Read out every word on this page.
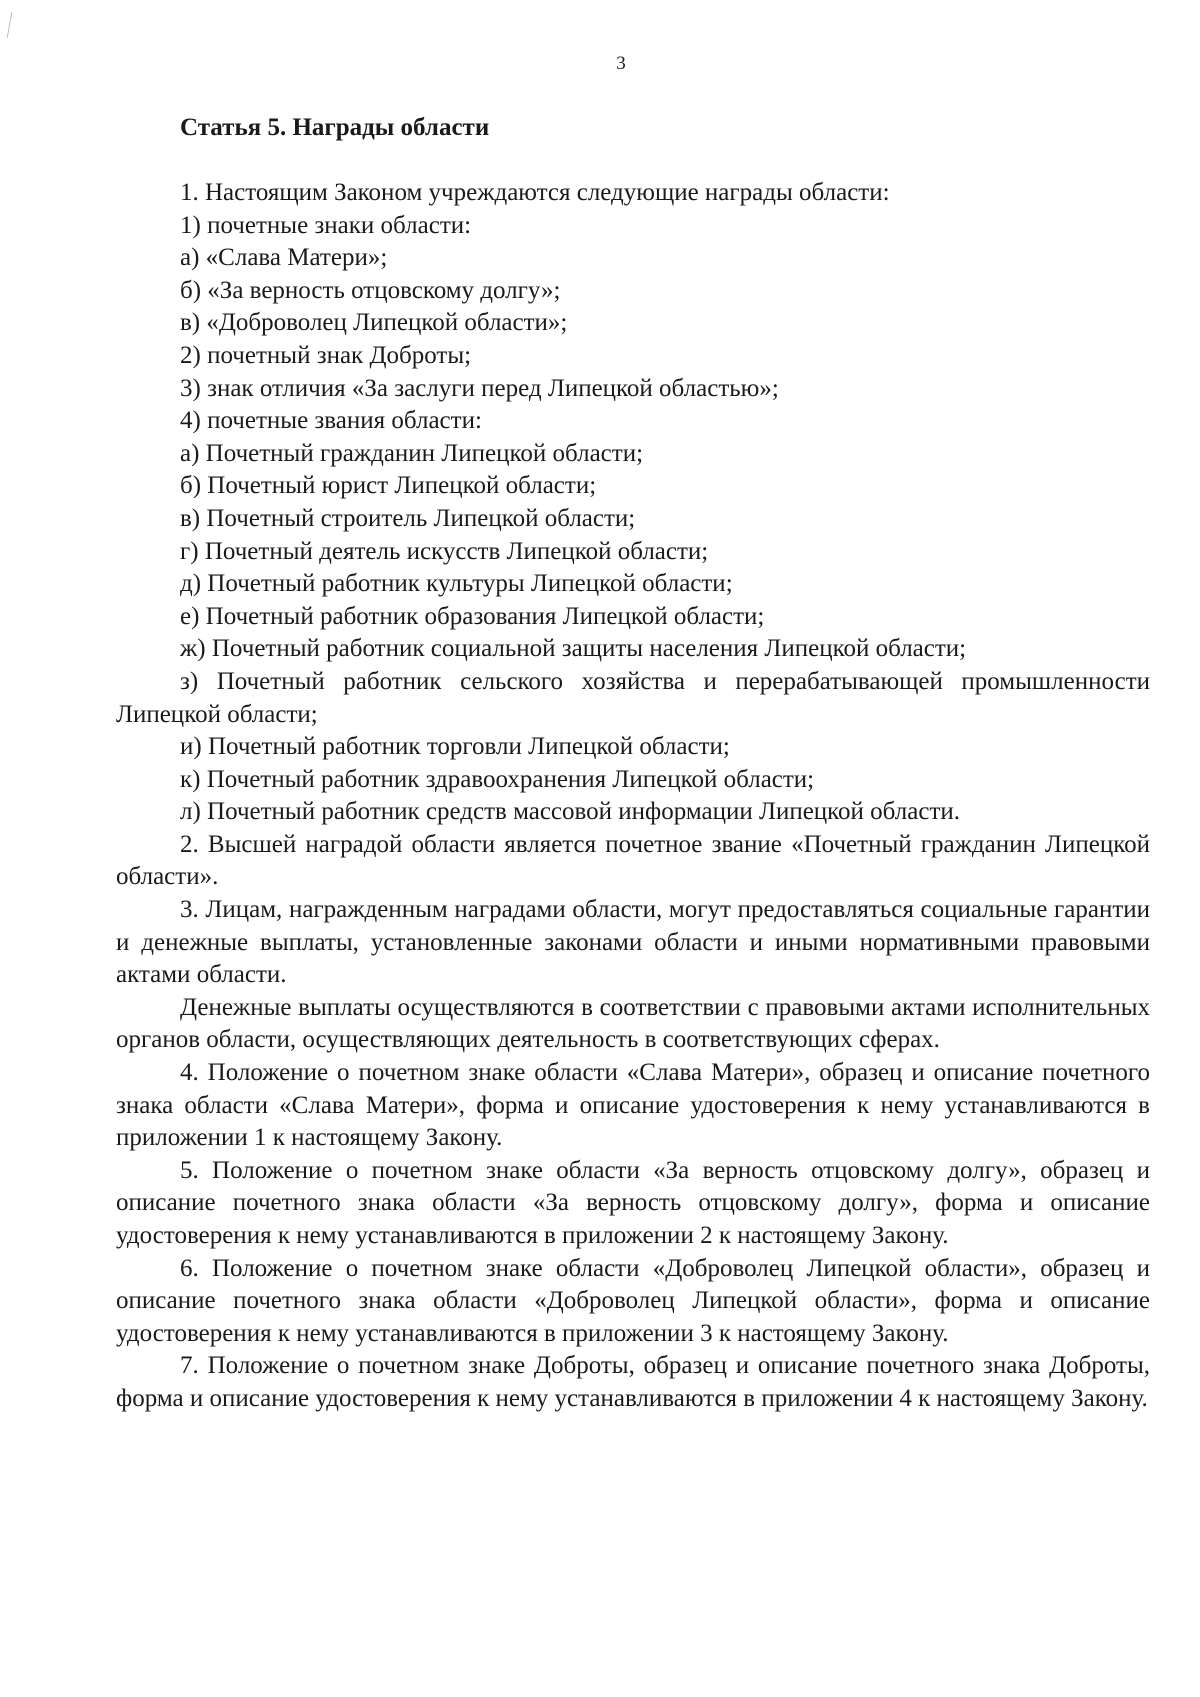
3
Статья 5. Награды области

1. Настоящим Законом учреждаются следующие награды области:

1) почетные знаки области:

а) «Слава Матери»;

б) «За верность отцовскому долгу»;

в) «Доброволец Липецкой области»;

2) почетный знак Доброты;

3) знак отличия «За заслуги перед Липецкой областью»;

4) почетные звания области:

а) Почетный гражданин Липецкой области;

б) Почетный юрист Липецкой области;

в) Почетный строитель Липецкой области;

г) Почетный деятель искусств Липецкой области;

д) Почетный работник культуры Липецкой области;

е) Почетный работник образования Липецкой области;

ж) Почетный работник социальной защиты населения Липецкой области;

з) Почетный работник сельского хозяйства и перерабатывающей промышленности Липецкой области;

и) Почетный работник торговли Липецкой области;

к) Почетный работник здравоохранения Липецкой области;

л) Почетный работник средств массовой информации Липецкой области.

2. Высшей наградой области является почетное звание «Почетный гражданин Липецкой области».

3. Лицам, награжденным наградами области, могут предоставляться социальные гарантии и денежные выплаты, установленные законами области и иными нормативными правовыми актами области.

Денежные выплаты осуществляются в соответствии с правовыми актами исполнительных органов области, осуществляющих деятельность в соответствующих сферах.

4. Положение о почетном знаке области «Слава Матери», образец и описание почетного знака области «Слава Матери», форма и описание удостоверения к нему устанавливаются в приложении 1 к настоящему Закону.

5. Положение о почетном знаке области «За верность отцовскому долгу», образец и описание почетного знака области «За верность отцовскому долгу», форма и описание удостоверения к нему устанавливаются в приложении 2 к настоящему Закону.

6. Положение о почетном знаке области «Доброволец Липецкой области», образец и описание почетного знака области «Доброволец Липецкой области», форма и описание удостоверения к нему устанавливаются в приложении 3 к настоящему Закону.

7. Положение о почетном знаке Доброты, образец и описание почетного знака Доброты, форма и описание удостоверения к нему устанавливаются в приложении 4 к настоящему Закону.
